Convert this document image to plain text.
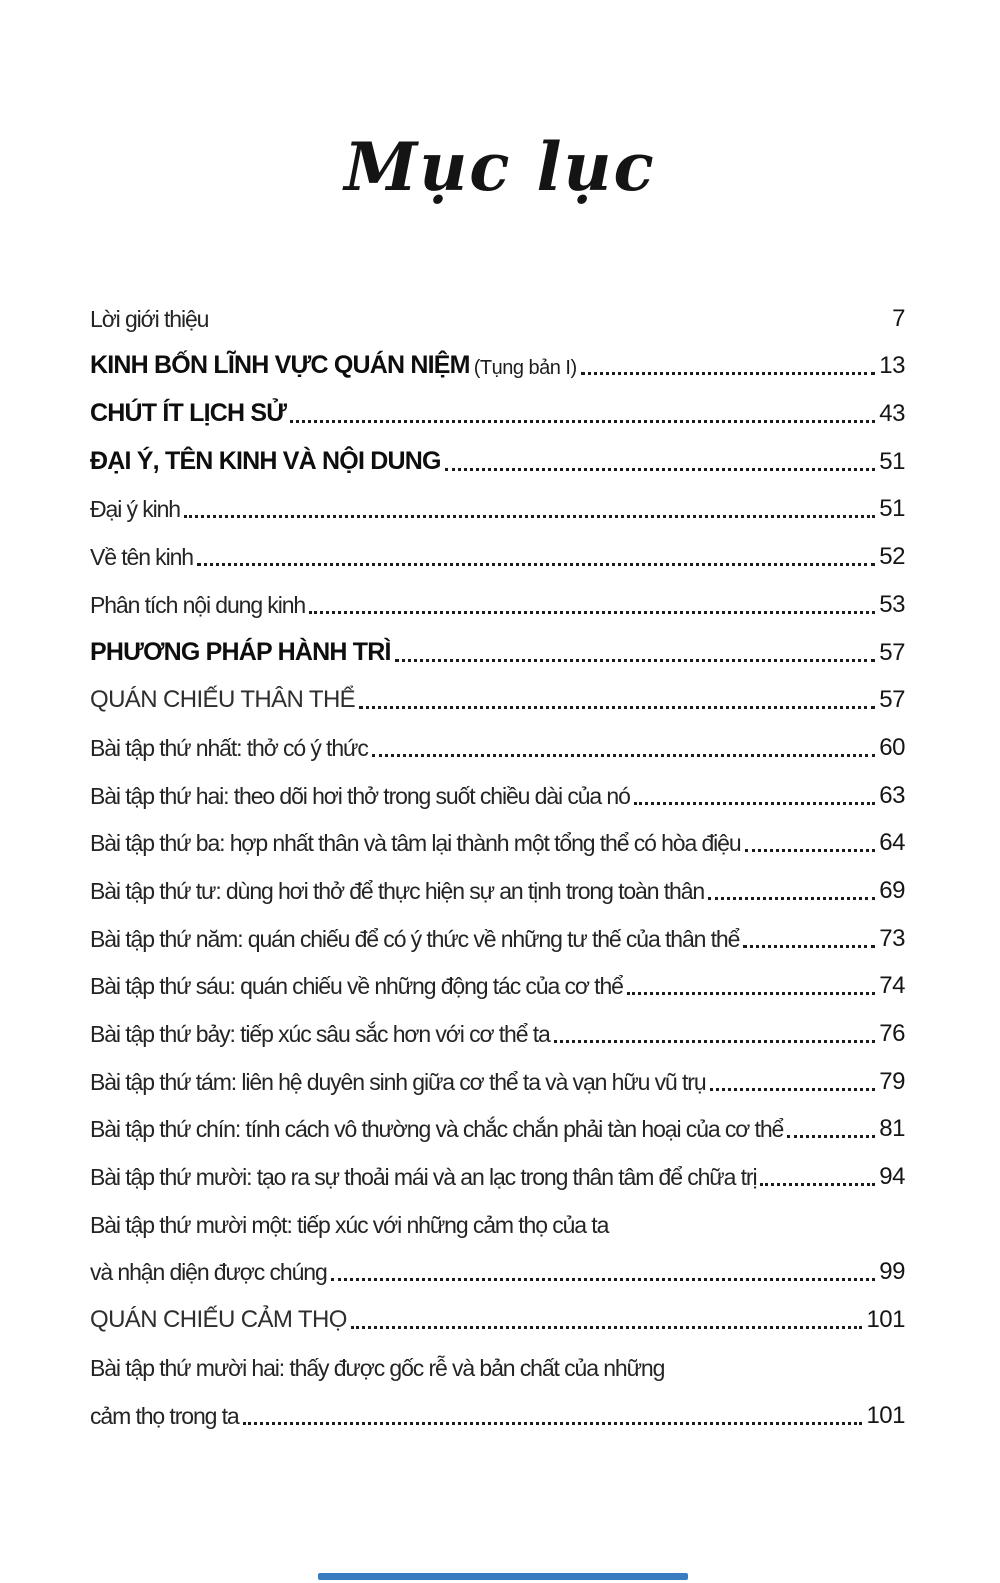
Mục lục
Lời giới thiệu	7
KINH BỐN LĨNH VỰC QUÁN NIỆM (Tụng bản I)	13
CHÚT ÍT LỊCH SỬ	43
ĐẠI Ý, TÊN KINH VÀ NỘI DUNG	51
Đại ý kinh	51
Về tên kinh	52
Phân tích nội dung kinh	53
PHƯƠNG PHÁP HÀNH TRÌ	57
QUÁN CHIẾU THÂN THỂ	57
Bài tập thứ nhất: thở có ý thức	60
Bài tập thứ hai: theo dõi hơi thở trong suốt chiều dài của nó	63
Bài tập thứ ba: hợp nhất thân và tâm lại thành một tổng thể có hòa điệu	64
Bài tập thứ tư: dùng hơi thở để thực hiện sự an tịnh trong toàn thân	69
Bài tập thứ năm: quán chiếu để có ý thức về những tư thế của thân thể	73
Bài tập thứ sáu: quán chiếu về những động tác của cơ thể	74
Bài tập thứ bảy: tiếp xúc sâu sắc hơn với cơ thể ta	76
Bài tập thứ tám: liên hệ duyên sinh giữa cơ thể ta và vạn hữu vũ trụ	79
Bài tập thứ chín: tính cách vô thường và chắc chắn phải tàn hoại của cơ thể	81
Bài tập thứ mười: tạo ra sự thoải mái và an lạc trong thân tâm để chữa trị	94
Bài tập thứ mười một: tiếp xúc với những cảm thọ của ta
và nhận diện được chúng	99
QUÁN CHIẾU CẢM THỌ	101
Bài tập thứ mười hai: thấy được gốc rễ và bản chất của những
cảm thọ trong ta	101
